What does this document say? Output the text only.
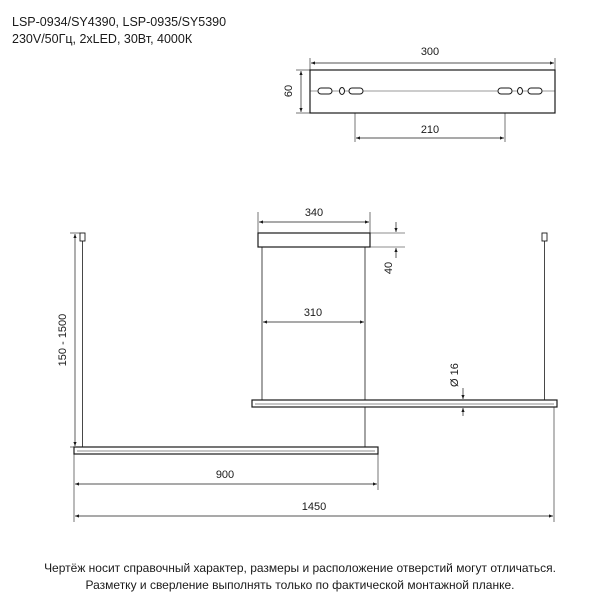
LSP-0934/SY4390, LSP-0935/SY5390
230V/50Гц, 2xLED, 30Вт, 4000К
300
60
210
340
40
310
Ø 16
150 - 1500
900
1450
Чертёж носит справочный характер, размеры и расположение отверстий могут отличаться.
Разметку и сверление выполнять только по фактической монтажной планке.
